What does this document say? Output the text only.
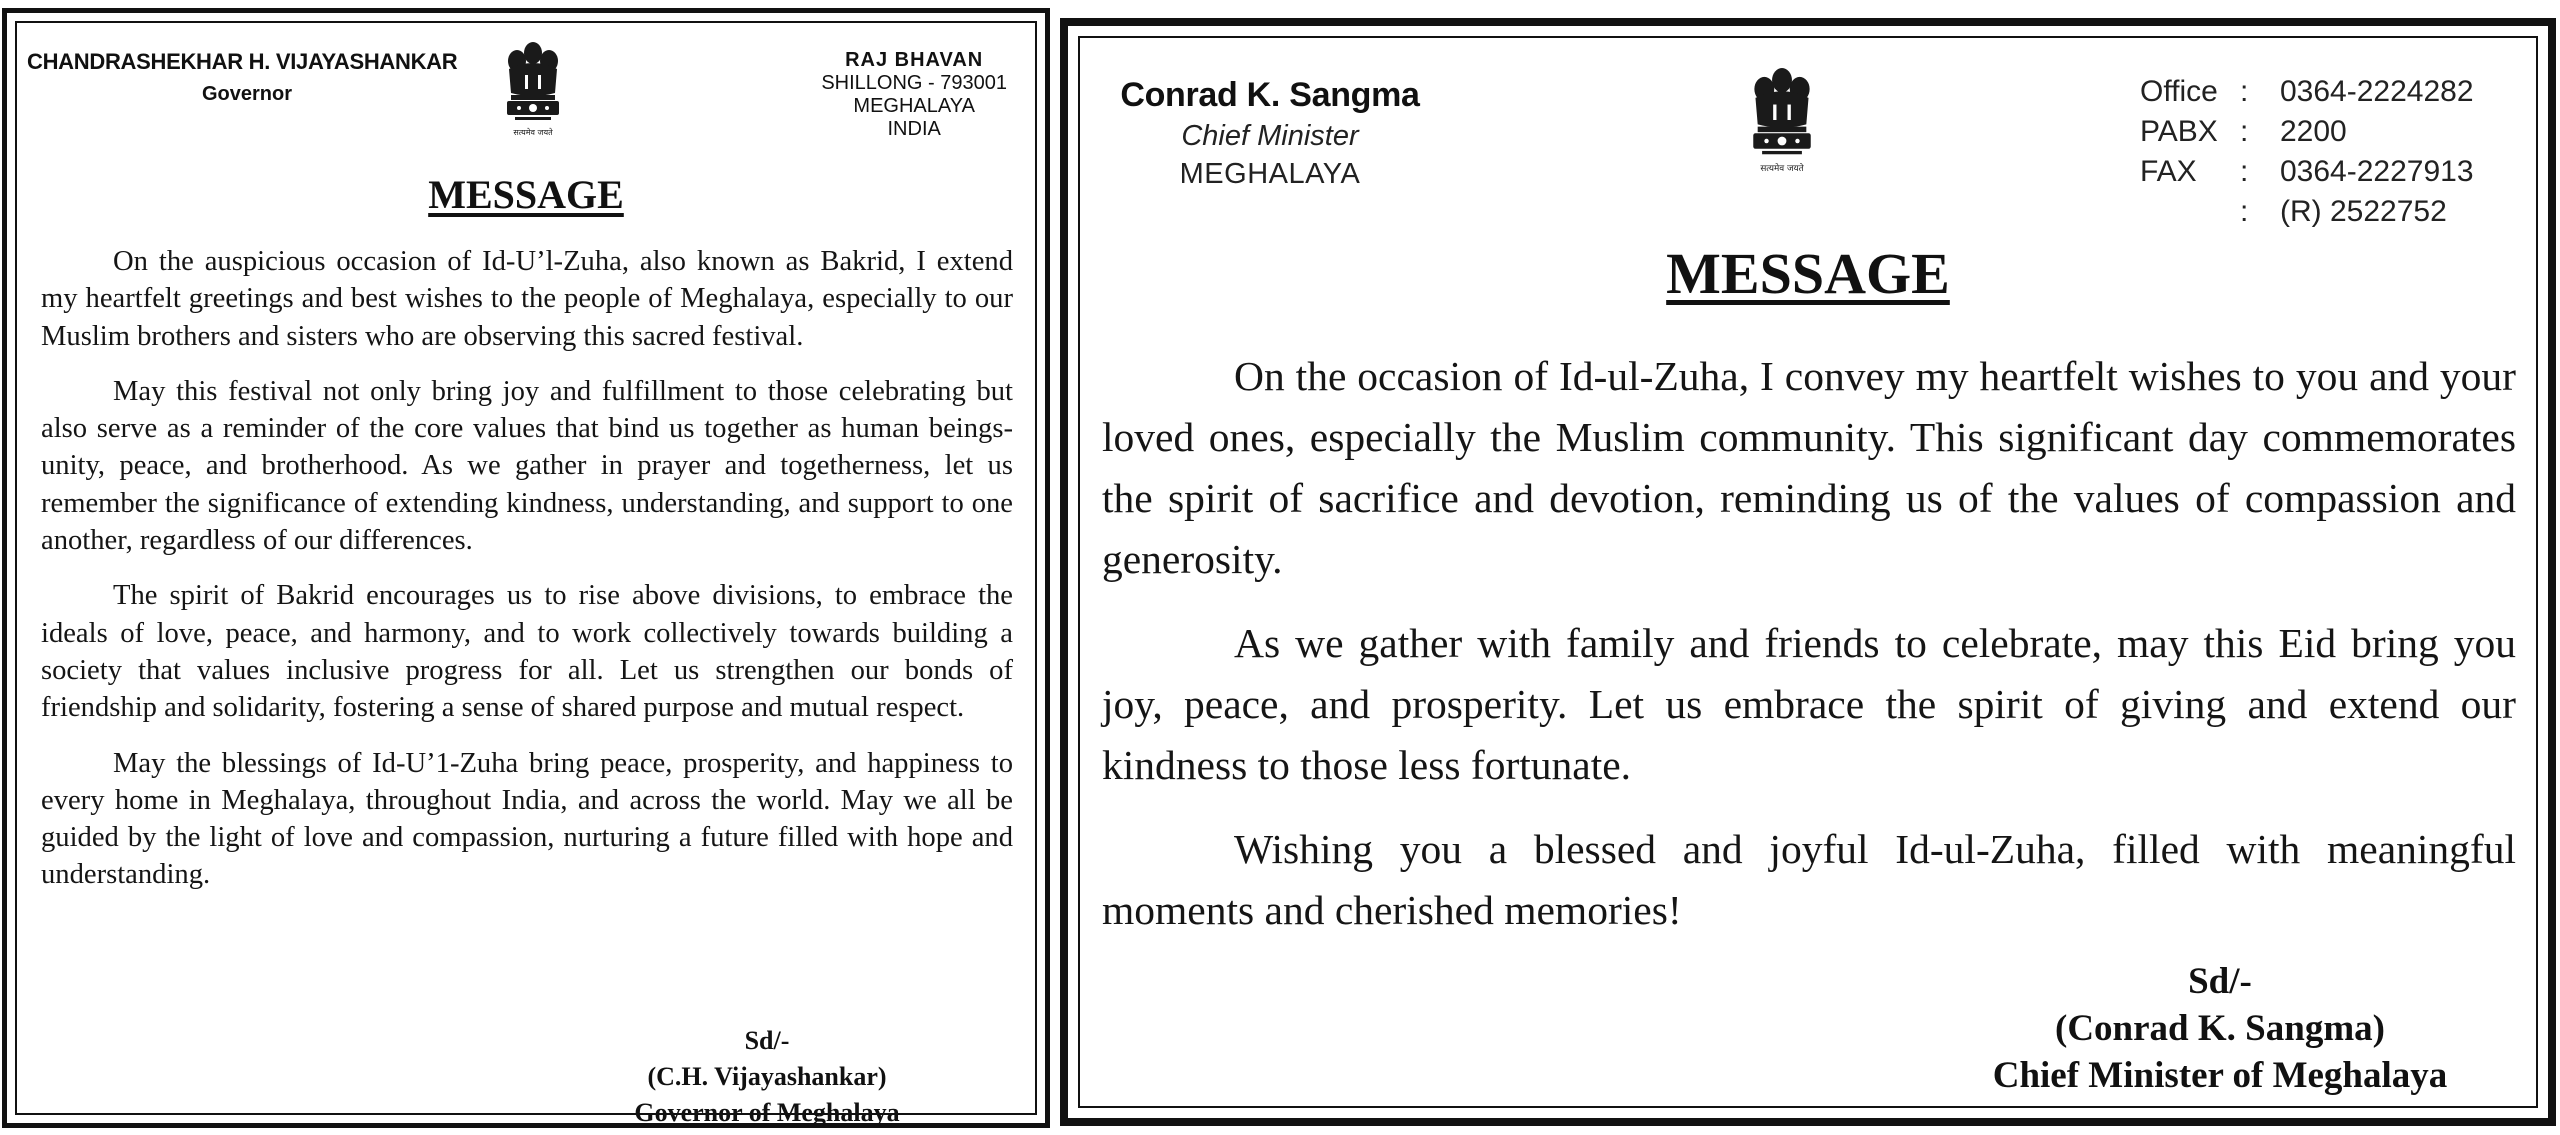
CHANDRASHEKHAR H. VIJAYASHANKAR
Governor
सत्यमेव जयते
RAJ BHAVAN
SHILLONG - 793001
MEGHALAYA
INDIA
MESSAGE

On the auspicious occasion of Id-U’l-Zuha, also known as Bakrid, I extend my heartfelt greetings and best wishes to the people of Meghalaya, especially to our Muslim brothers and sisters who are observing this sacred festival.

May this festival not only bring joy and fulfillment to those celebrating but also serve as a reminder of the core values that bind us together as human beings-unity, peace, and brotherhood. As we gather in prayer and togetherness, let us remember the significance of extending kindness, understanding, and support to one another, regardless of our differences.

The spirit of Bakrid encourages us to rise above divisions, to embrace the ideals of love, peace, and harmony, and to work collectively towards building a society that values inclusive progress for all. Let us strengthen our bonds of friendship and solidarity, fostering a sense of shared purpose and mutual respect.

May the blessings of Id-U’1-Zuha bring peace, prosperity, and happiness to every home in Meghalaya, throughout India, and across the world. May we all be guided by the light of love and compassion, nurturing a future filled with hope and understanding.

Sd/-
(C.H. Vijayashankar)
Governor of Meghalaya
Conrad K. Sangma
Chief Minister
MEGHALAYA	सत्यमेव जयते
Office : 0364-2224282
PABX : 2200
FAX : 0364-2227913
: (R) 2522752
MESSAGE

On the occasion of Id-ul-Zuha, I convey my heartfelt wishes to you and your loved ones, especially the Muslim community. This significant day commemorates the spirit of sacrifice and devotion, reminding us of the values of compassion and generosity.

As we gather with family and friends to celebrate, may this Eid bring you joy, peace, and prosperity. Let us embrace the spirit of giving and extend our kindness to those less fortunate.

Wishing you a blessed and joyful Id-ul-Zuha, filled with meaningful moments and cherished memories!

Sd/-
(Conrad K. Sangma)
Chief Minister of Meghalaya
